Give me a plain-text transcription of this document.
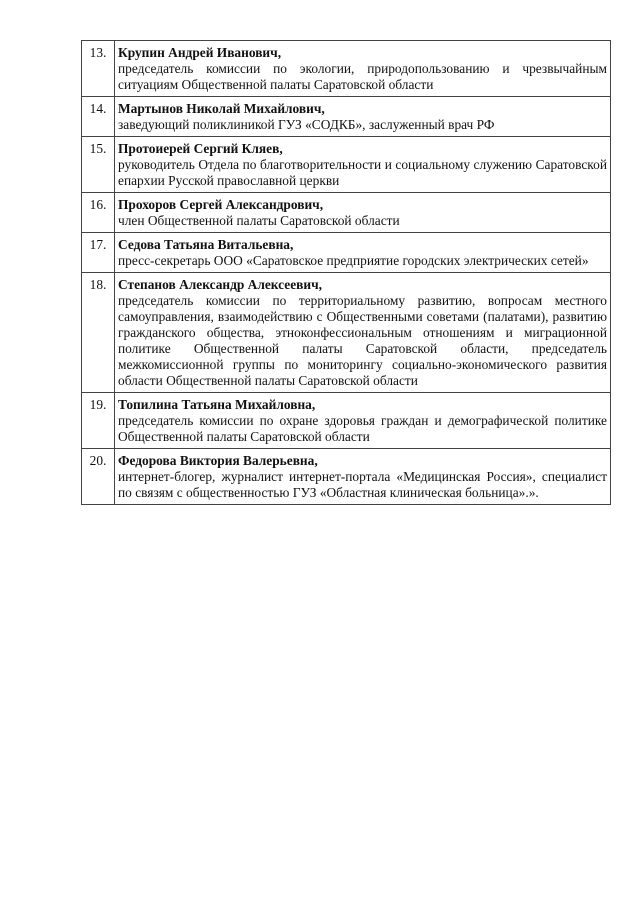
13.	Крупин Андрей Иванович,
председатель комиссии по экологии, природопользованию и чрезвычайным ситуациям Общественной палаты Саратовской области

14.	Мартынов Николай Михайлович,
заведующий поликлиникой ГУЗ «СОДКБ», заслуженный врач РФ

15.	Протоиерей Сергий Кляев,
руководитель Отдела по благотворительности и социальному служению Саратовской епархии Русской православной церкви

16.	Прохоров Сергей Александрович,
член Общественной палаты Саратовской области

17.	Седова Татьяна Витальевна,
пресс-секретарь ООО «Саратовское предприятие городских электрических сетей»

18.	Степанов Александр Алексеевич,
председатель комиссии по территориальному развитию, вопросам местного самоуправления, взаимодействию с Общественными советами (палатами), развитию гражданского общества, этноконфессиональным отношениям и миграционной политике Общественной палаты Саратовской области, председатель межкомиссионной группы по мониторингу социально-экономического развития области Общественной палаты Саратовской области

19.	Топилина Татьяна Михайловна,
председатель комиссии по охране здоровья граждан и демографической политике Общественной палаты Саратовской области

20.	Федорова Виктория Валерьевна,
интернет-блогер, журналист интернет-портала «Медицинская Россия», специалист по связям с общественностью ГУЗ «Областная клиническая больница».».
